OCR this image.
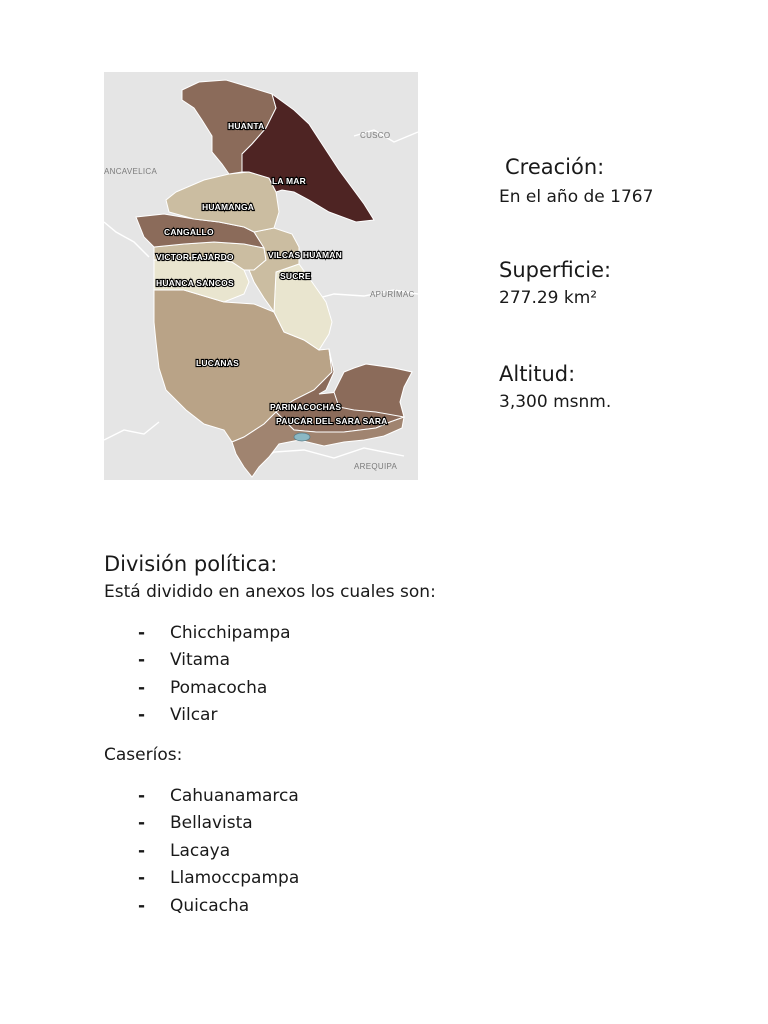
HUANTA
LA MAR
HUAMANGA
CANGALLO
VICTOR FAJARDO	VILCAS HUAMAN
HUANCA SANCOS
SUCRE
LUCANAS
PARINACOCHAS
PAUCAR DEL SARA SARA
CUSCO
ANCAVELICA
APURÍMAC
AREQUIPA
Creación:
En el año de 1767
Superficie:
277.29 km²
Altitud:
3,300 msnm.
División política:
Está dividido en anexos los cuales son:
- Chicchipampa
- Vitama
- Pomacocha
- Vilcar
Caseríos:
- Cahuanamarca
- Bellavista
- Lacaya
- Llamoccpampa
- Quicacha
